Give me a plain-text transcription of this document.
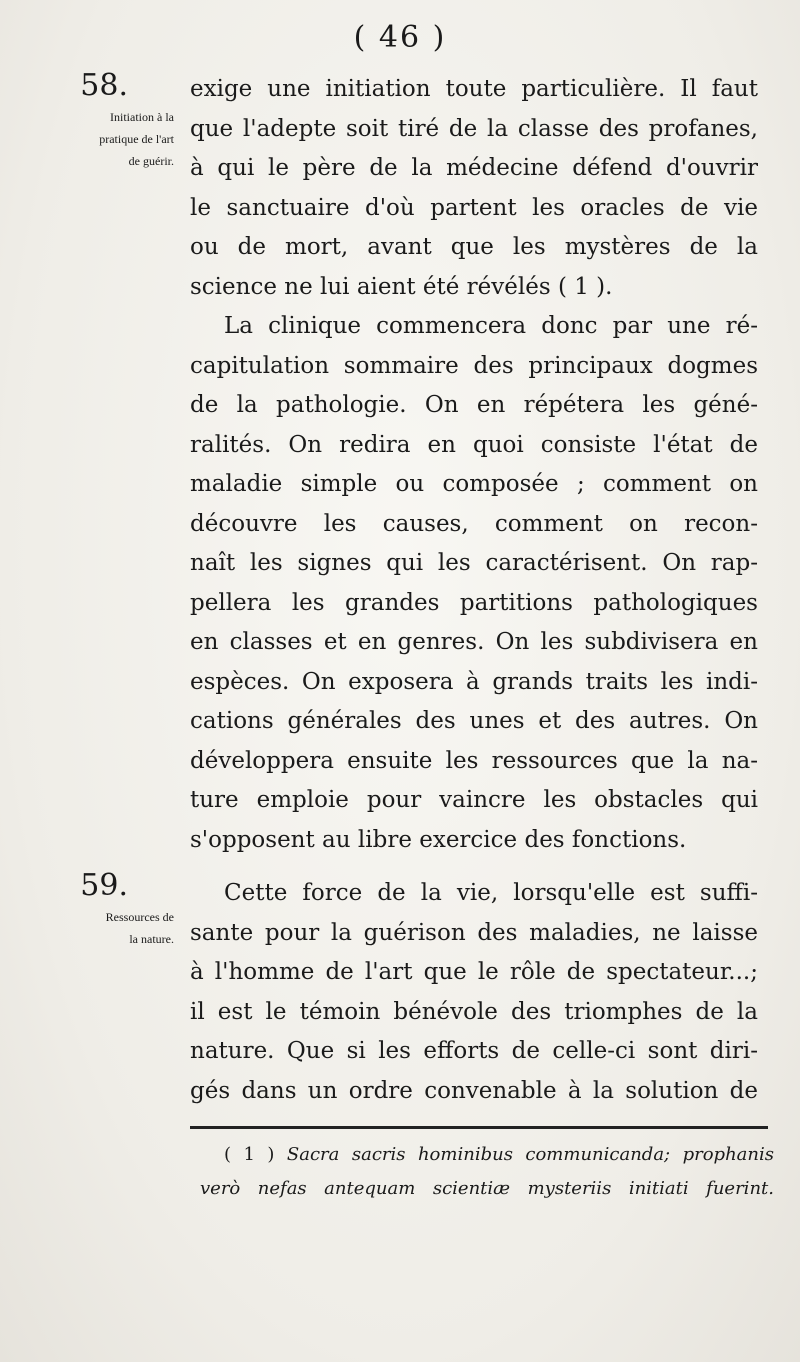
( 46 )
58.
Initiation à la
pratique de l'art
de guérir.
59.
Ressources de
la nature.
exige une initiation toute particulière. Il faut
que l'adepte soit tiré de la classe des profanes,
à qui le père de la médecine défend d'ouvrir
le sanctuaire d'où partent les oracles de vie
ou de mort, avant que les mystères de la
science ne lui aient été révélés ( 1 ).
La clinique commencera donc par une ré-
capitulation sommaire des principaux dogmes
de la pathologie. On en répétera les géné-
ralités. On redira en quoi consiste l'état de
maladie simple ou composée ; comment on
découvre les causes, comment on recon-
naît les signes qui les caractérisent. On rap-
pellera les grandes partitions pathologiques
en classes et en genres. On les subdivisera en
espèces. On exposera à grands traits les indi-
cations générales des unes et des autres. On
développera ensuite les ressources que la na-
ture emploie pour vaincre les obstacles qui
s'opposent au libre exercice des fonctions.
Cette force de la vie, lorsqu'elle est suffi-
sante pour la guérison des maladies, ne laisse
à l'homme de l'art que le rôle de spectateur...;
il est le témoin bénévole des triomphes de la
nature. Que si les efforts de celle-ci sont diri-
gés dans un ordre convenable à la solution de
( 1 ) Sacra sacris hominibus communicanda; prophanis
verò nefas antequam scientiæ mysteriis initiati fuerint.
